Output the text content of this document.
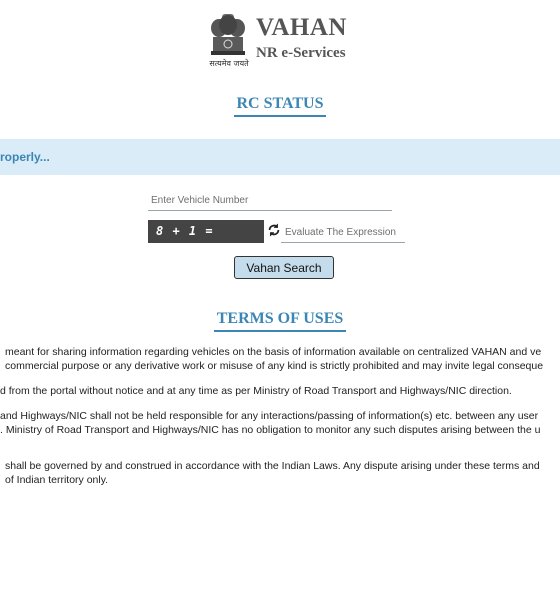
सत्यमेव जयते
VAHAN
NR e-Services
RC STATUS
roperly...
Enter Vehicle Number
8 + 1 =
Evaluate The Expression
Vahan Search
TERMS OF USES

meant for sharing information regarding vehicles on the basis of information available on centralized VAHAN and ve

commercial purpose or any derivative work or misuse of any kind is strictly prohibited and may invite legal conseque

d from the portal without notice and at any time as per Ministry of Road Transport and Highways/NIC direction.

and Highways/NIC shall not be held responsible for any interactions/passing of information(s) etc. between any user

. Ministry of Road Transport and Highways/NIC has no obligation to monitor any such disputes arising between the u

shall be governed by and construed in accordance with the Indian Laws. Any dispute arising under these terms and

of Indian territory only.
